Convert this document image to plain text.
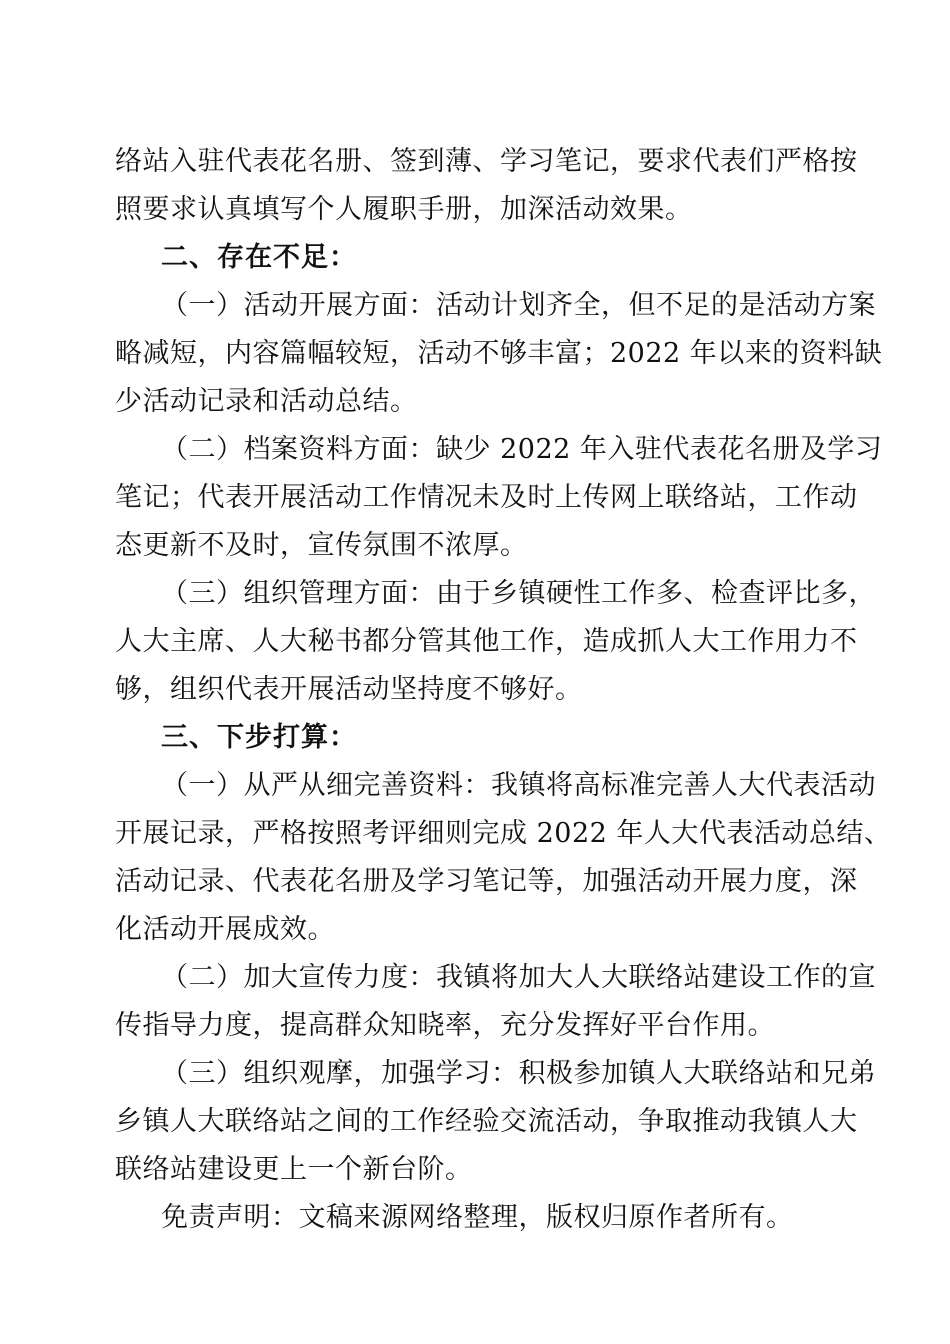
络站入驻代表花名册、签到薄、学习笔记，要求代表们严格按
照要求认真填写个人履职手册，加深活动效果。
二、存在不足：
（一）活动开展方面：活动计划齐全，但不足的是活动方案
略减短，内容篇幅较短，活动不够丰富；2022 年以来的资料缺
少活动记录和活动总结。
（二）档案资料方面：缺少 2022 年入驻代表花名册及学习
笔记；代表开展活动工作情况未及时上传网上联络站，工作动
态更新不及时，宣传氛围不浓厚。
（三）组织管理方面：由于乡镇硬性工作多、检查评比多，
人大主席、人大秘书都分管其他工作，造成抓人大工作用力不
够，组织代表开展活动坚持度不够好。
三、下步打算：
（一）从严从细完善资料：我镇将高标准完善人大代表活动
开展记录，严格按照考评细则完成 2022 年人大代表活动总结、
活动记录、代表花名册及学习笔记等，加强活动开展力度，深
化活动开展成效。
（二）加大宣传力度：我镇将加大人大联络站建设工作的宣
传指导力度，提高群众知晓率，充分发挥好平台作用。
（三）组织观摩，加强学习：积极参加镇人大联络站和兄弟
乡镇人大联络站之间的工作经验交流活动，争取推动我镇人大
联络站建设更上一个新台阶。
免责声明：文稿来源网络整理，版权归原作者所有。
